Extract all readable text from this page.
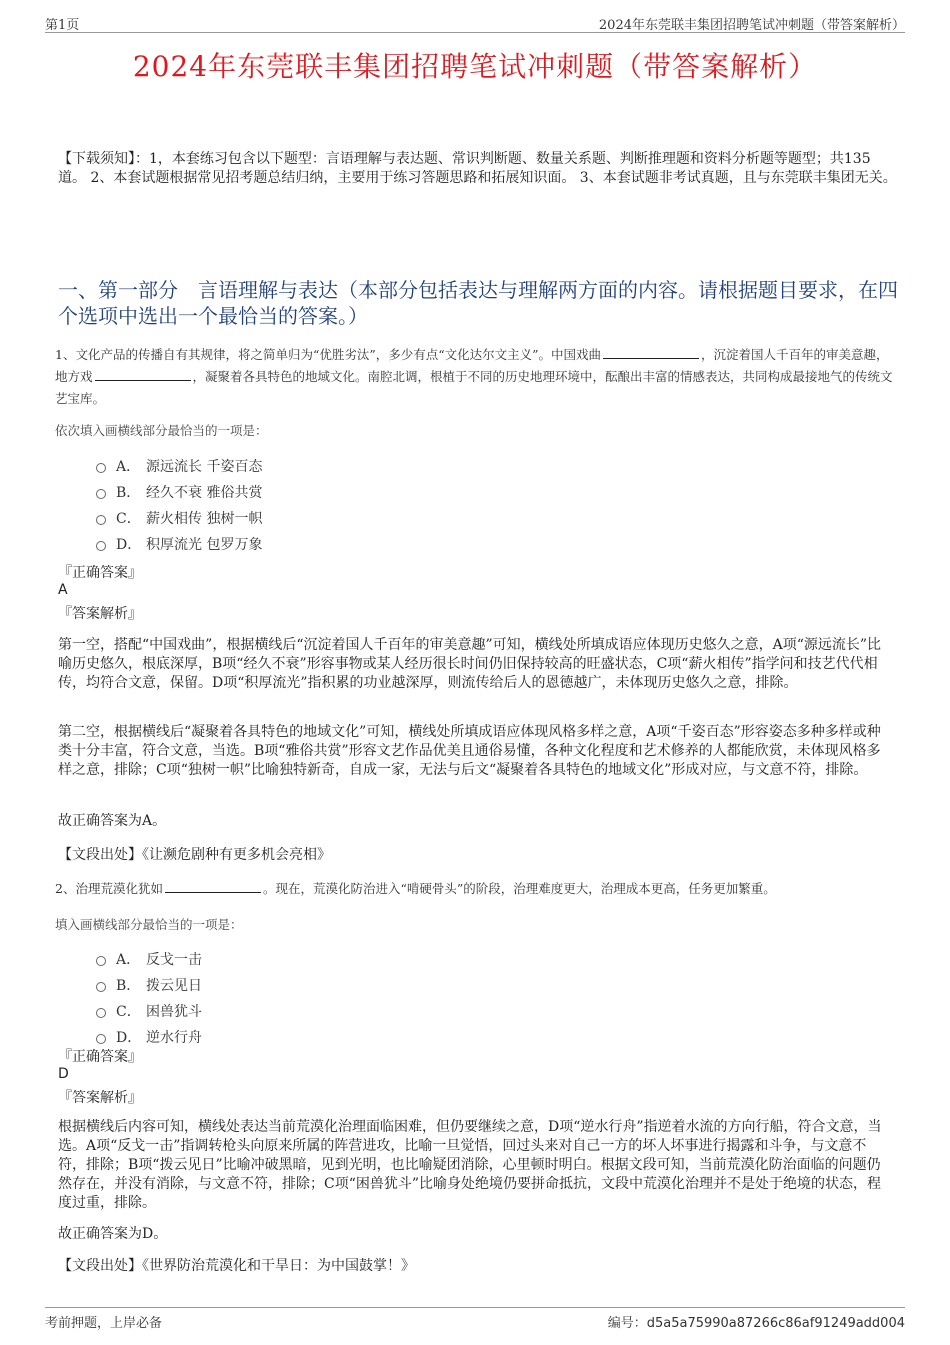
第1页	2024年东莞联丰集团招聘笔试冲刺题（带答案解析）
2024年东莞联丰集团招聘笔试冲刺题（带答案解析）
【下载须知】：1，本套练习包含以下题型：言语理解与表达题、常识判断题、数量关系题、判断推理题和资料分析题等题型；共135道。 2、本套试题根据常见招考题总结归纳，主要用于练习答题思路和拓展知识面。 3、本套试题非考试真题，且与东莞联丰集团无关。
一、第一部分　言语理解与表达（本部分包括表达与理解两方面的内容。请根据题目要求，在四个选项中选出一个最恰当的答案。）
1、文化产品的传播自有其规律，将之简单归为“优胜劣汰”，多少有点“文化达尔文主义”。中国戏曲	，沉淀着国人千百年的审美意趣，地方戏	，凝聚着各具特色的地域文化。南腔北调，根植于不同的历史地理环境中，酝酿出丰富的情感表达，共同构成最接地气的传统文艺宝库。
依次填入画横线部分最恰当的一项是：
A． 源远流长 千姿百态
B． 经久不衰 雅俗共赏
C． 薪火相传 独树一帜
D． 积厚流光 包罗万象
『正确答案』
A
『答案解析』
第一空，搭配“中国戏曲”，根据横线后“沉淀着国人千百年的审美意趣”可知，横线处所填成语应体现历史悠久之意，A项“源远流长”比喻历史悠久，根底深厚，B项“经久不衰”形容事物或某人经历很长时间仍旧保持较高的旺盛状态，C项“薪火相传”指学问和技艺代代相传，均符合文意，保留。D项“积厚流光”指积累的功业越深厚，则流传给后人的恩德越广，未体现历史悠久之意，排除。
第二空，根据横线后“凝聚着各具特色的地域文化”可知，横线处所填成语应体现风格多样之意，A项“千姿百态”形容姿态多种多样或种类十分丰富，符合文意，当选。B项“雅俗共赏”形容文艺作品优美且通俗易懂，各种文化程度和艺术修养的人都能欣赏，未体现风格多样之意，排除；C项“独树一帜”比喻独特新奇，自成一家，无法与后文“凝聚着各具特色的地域文化”形成对应，与文意不符，排除。
故正确答案为A。
【文段出处】《让濒危剧种有更多机会亮相》
2、治理荒漠化犹如	。现在，荒漠化防治进入“啃硬骨头”的阶段，治理难度更大，治理成本更高，任务更加繁重。
填入画横线部分最恰当的一项是：
A． 反戈一击
B． 拨云见日
C． 困兽犹斗
D． 逆水行舟
『正确答案』
D
『答案解析』
根据横线后内容可知，横线处表达当前荒漠化治理面临困难，但仍要继续之意，D项“逆水行舟”指逆着水流的方向行船，符合文意，当选。A项“反戈一击”指调转枪头向原来所属的阵营进攻，比喻一旦觉悟，回过头来对自己一方的坏人坏事进行揭露和斗争，与文意不符，排除；B项“拨云见日”比喻冲破黑暗，见到光明，也比喻疑团消除，心里顿时明白。根据文段可知，当前荒漠化防治面临的问题仍然存在，并没有消除，与文意不符，排除；C项“困兽犹斗”比喻身处绝境仍要拼命抵抗，文段中荒漠化治理并不是处于绝境的状态，程度过重，排除。
故正确答案为D。
【文段出处】《世界防治荒漠化和干旱日：为中国鼓掌！》
考前押题，上岸必备	编号：d5a5a75990a87266c86af91249add004
